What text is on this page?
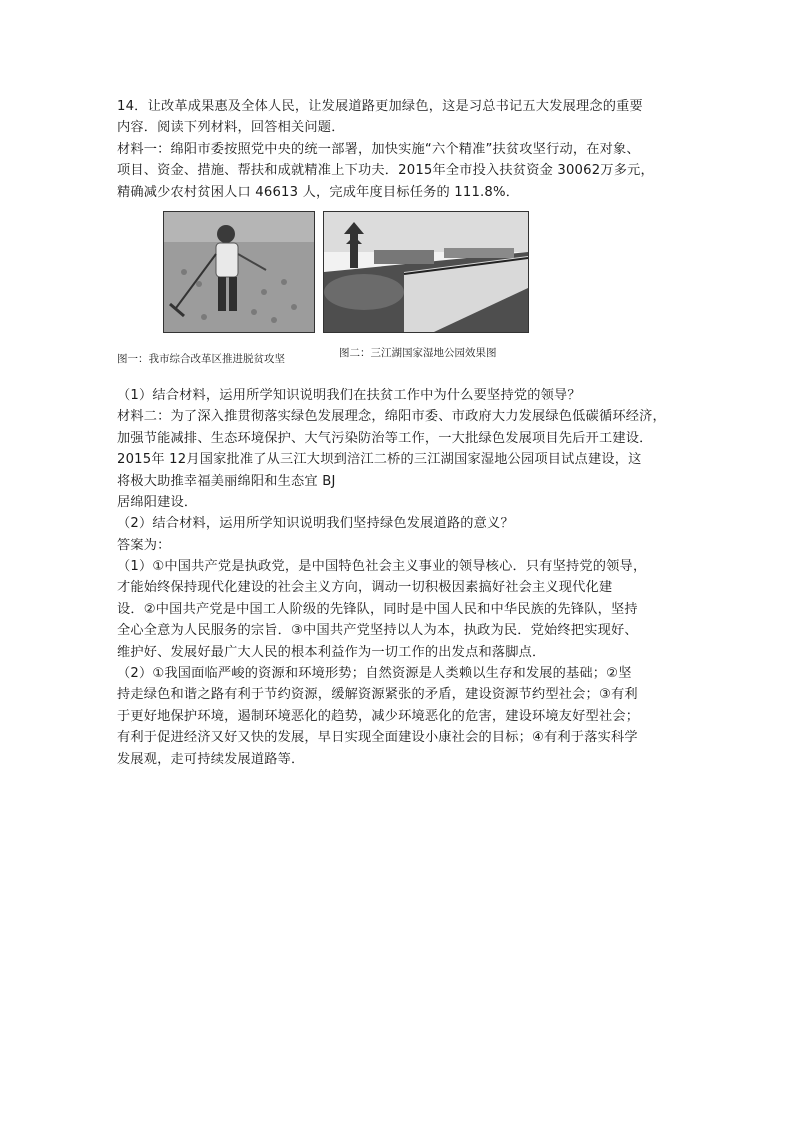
14．让改革成果惠及全体人民，让发展道路更加绿色，这是习总书记五大发展理念的重要
内容．阅读下列材料，回答相关问题．
材料一：绵阳市委按照党中央的统一部署，加快实施“六个精准”扶贫攻坚行动，在对象、
项目、资金、措施、帮扶和成就精准上下功夫．2015年全市投入扶贫资金 30062万多元，
精确减少农村贫困人口 46613 人，完成年度目标任务的 111.8%．
图一：我市综合改革区推进脱贫攻坚	图二：三江湖国家湿地公园效果图
（1）结合材料，运用所学知识说明我们在扶贫工作中为什么要坚持党的领导？
材料二：为了深入推贯彻落实绿色发展理念，绵阳市委、市政府大力发展绿色低碳循环经济，
加强节能减排、生态环境保护、大气污染防治等工作，一大批绿色发展项目先后开工建设．
2015年 12月国家批准了从三江大坝到涪江二桥的三江湖国家湿地公园项目试点建设，这
将极大助推幸福美丽绵阳和生态宜 BJ
居绵阳建设．
（2）结合材料，运用所学知识说明我们坚持绿色发展道路的意义？
答案为：
（1）①中国共产党是执政党，是中国特色社会主义事业的领导核心．只有坚持党的领导，
才能始终保持现代化建设的社会主义方向，调动一切积极因素搞好社会主义现代化建
设．②中国共产党是中国工人阶级的先锋队，同时是中国人民和中华民族的先锋队，坚持
全心全意为人民服务的宗旨．③中国共产党坚持以人为本，执政为民．党始终把实现好、
维护好、发展好最广大人民的根本利益作为一切工作的出发点和落脚点．
（2）①我国面临严峻的资源和环境形势；自然资源是人类赖以生存和发展的基础；②坚
持走绿色和谐之路有利于节约资源，缓解资源紧张的矛盾，建设资源节约型社会；③有利
于更好地保护环境，遏制环境恶化的趋势，减少环境恶化的危害，建设环境友好型社会；
有利于促进经济又好又快的发展，早日实现全面建设小康社会的目标；④有利于落实科学
发展观，走可持续发展道路等．
